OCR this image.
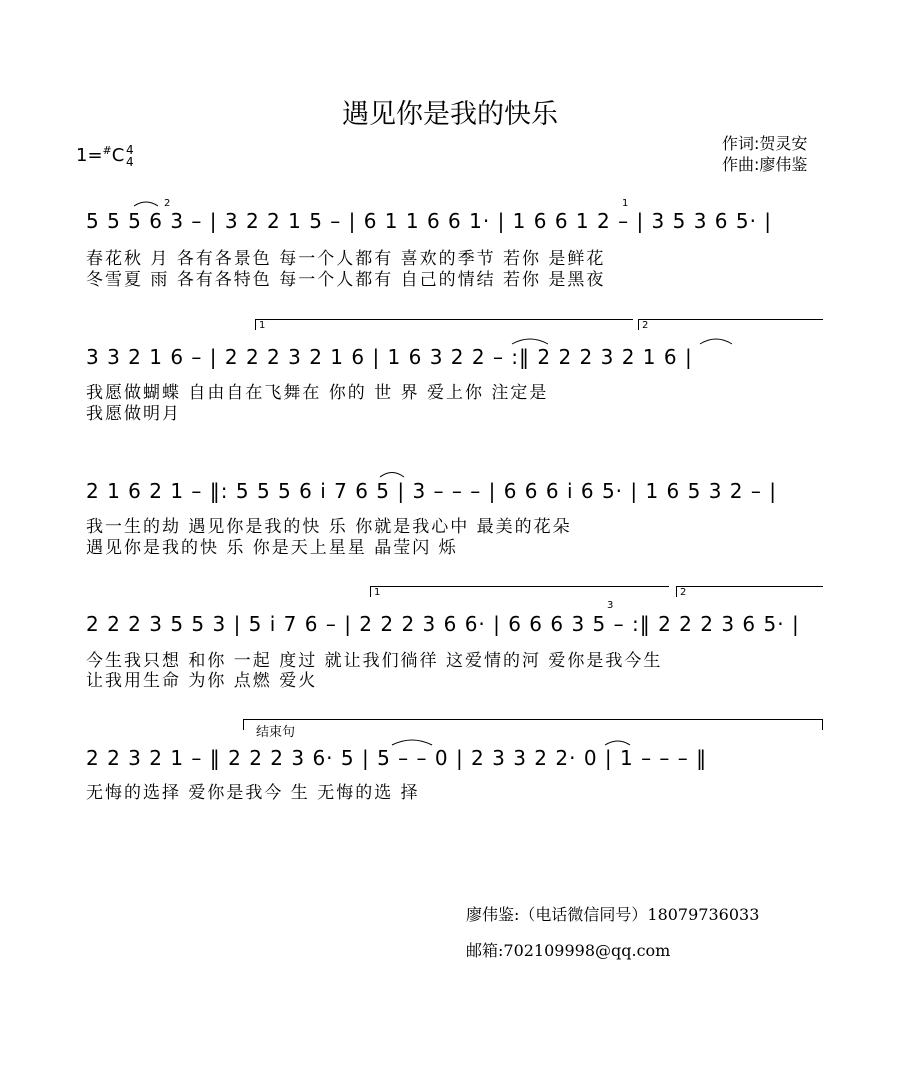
遇见你是我的快乐
作词:贺灵安
作曲:廖伟鉴
1=#C 4
4
5 5 5 6 3 – | 3 2 2 1 5 – | 6 1 1 6 6 1· | 1 6 6 1 2 – | 3 5 3 6 5· |
春花秋 月 各有各景色 每一个人都有 喜欢的季节 若你 是鲜花
冬雪夏 雨 各有各特色 每一个人都有 自己的情结 若你 是黑夜
1	2
3 3 2 1 6 – | 2 2 2 3 2 1 6 | 1 6 3 2 2 – :‖ 2 2 2 3 2 1 6 |
我愿做蝴蝶 自由自在飞舞在 你的 世 界 爱上你 注定是
我愿做明月
2 1 6 2 1 – ‖: 5 5 5 6 i 7 6 5 | 3 – – – | 6 6 6 i 6 5· | 1 6 5 3 2 – |
我一生的劫 遇见你是我的快 乐 你就是我心中 最美的花朵
遇见你是我的快 乐 你是天上星星 晶莹闪 烁
1	2
2 2 2 3 5 5 3 | 5 i 7 6 – | 2 2 2 3 6 6· | 6 6 6 3 5 – :‖ 2 2 2 3 6 5· |
今生我只想 和你 一起 度过 就让我们徜徉 这爱情的河 爱你是我今生
让我用生命 为你 点燃 爱火
结束句
2 2 3 2 1 – ‖ 2 2 2 3 6· 5 | 5 – – 0 | 2 3 3 2 2· 0 | 1 – – – ‖
无悔的选择 爱你是我今 生 无悔的选 择
2	1
3
廖伟鉴:（电话微信同号）18079736033
邮箱:702109998@qq.com
